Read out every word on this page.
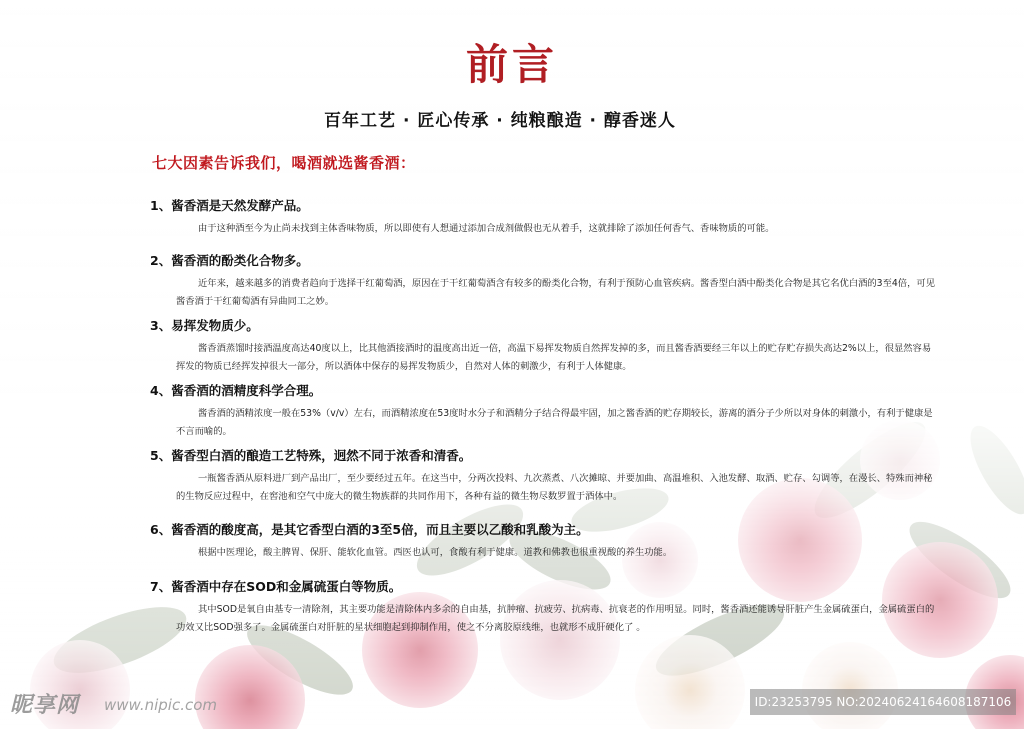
前言
百年工艺 · 匠心传承 · 纯粮酿造 · 醇香迷人
七大因素告诉我们，喝酒就选酱香酒：
1、酱香酒是天然发酵产品。
由于这种酒至今为止尚未找到主体香味物质，所以即使有人想通过添加合成剂做假也无从着手，这就排除了添加任何香气、香味物质的可能。
2、酱香酒的酚类化合物多。
近年来，越来越多的消费者趋向于选择干红葡萄酒，原因在于干红葡萄酒含有较多的酚类化合物，有利于预防心血管疾病。酱香型白酒中酚类化合物是其它名优白酒的3至4倍，可见酱香酒于干红葡萄酒有异曲同工之妙。
3、易挥发物质少。
酱香酒蒸馏时接酒温度高达40度以上，比其他酒接酒时的温度高出近一倍，高温下易挥发物质自然挥发掉的多，而且酱香酒要经三年以上的贮存贮存损失高达2%以上，很显然容易挥发的物质已经挥发掉很大一部分，所以酒体中保存的易挥发物质少，自然对人体的刺激少，有利于人体健康。
4、酱香酒的酒精度科学合理。
酱香酒的酒精浓度一般在53%（v/v）左右，而酒精浓度在53度时水分子和酒精分子结合得最牢固，加之酱香酒的贮存期较长，游离的酒分子少所以对身体的刺激小，有利于健康是不言而喻的。
5、酱香型白酒的酿造工艺特殊，迥然不同于浓香和清香。
一瓶酱香酒从原料进厂到产品出厂，至少要经过五年。在这当中，分两次投料、九次蒸煮、八次摊晾、并要加曲、高温堆积、入池发酵、取酒、贮存、勾调等，在漫长、特殊而神秘的生物反应过程中，在窖池和空气中庞大的微生物族群的共同作用下，各种有益的微生物尽数罗置于酒体中。
6、酱香酒的酸度高，是其它香型白酒的3至5倍，而且主要以乙酸和乳酸为主。
根据中医理论，酸主脾胃、保肝、能软化血管。西医也认可，食酸有利于健康。道教和佛教也很重视酸的养生功能。
7、酱香酒中存在SOD和金属硫蛋白等物质。
其中SOD是氧自由基专一清除剂，其主要功能是清除体内多余的自由基，抗肿瘤、抗疲劳、抗病毒、抗衰老的作用明显。同时，酱香酒还能诱导肝脏产生金属硫蛋白，金属硫蛋白的功效又比SOD强多了。金属硫蛋白对肝脏的星状细胞起到抑制作用，使之不分离胶原线维，也就形不成肝硬化了 。
昵享网 www.nipic.com	ID:23253795 NO:20240624164608187106
